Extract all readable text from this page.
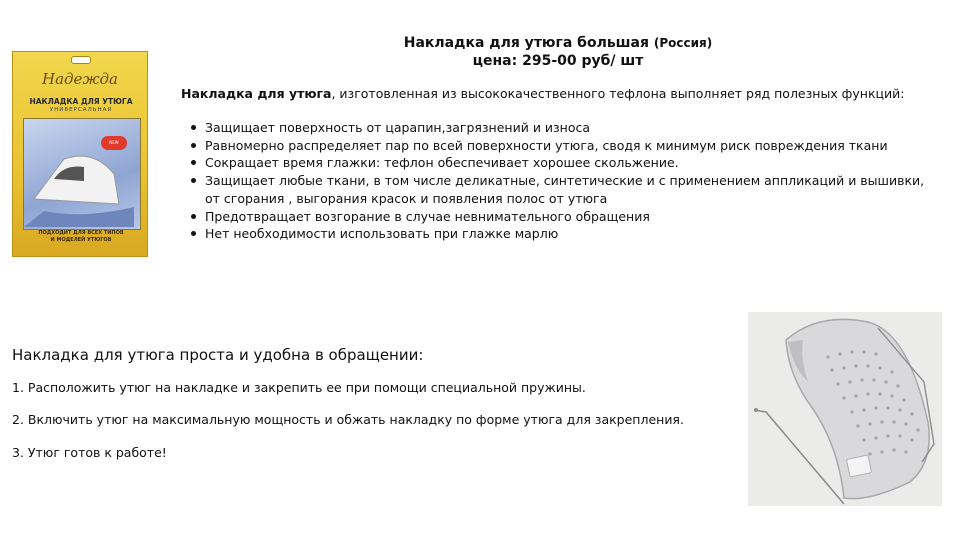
Надежда
НАКЛАДКА ДЛЯ УТЮГА
УНИВЕРСАЛЬНАЯ
NEW
ПОДХОДИТ ДЛЯ ВСЕХ ТИПОВ
И МОДЕЛЕЙ УТЮГОВ
Накладка для утюга большая (Россия)
цена: 295-00 руб/ шт
Накладка для утюга, изготовленная из высококачественного тефлона выполняет ряд полезных функций:
Защищает поверхность от царапин,загрязнений и износа
Равномерно распределяет пар по всей поверхности утюга, сводя к минимум риск повреждения ткани
Сокращает время глажки: тефлон обеспечивает хорошее скольжение.
Защищает любые ткани, в том числе деликатные, синтетические и с применением аппликаций и вышивки, от сгорания , выгорания красок и появления полос от утюга
Предотвращает возгорание в случае невнимательного обращения
Нет необходимости использовать при глажке марлю
Накладка для утюга проста и удобна в обращении:
1. Расположить утюг на накладке и закрепить ее при помощи специальной пружины.
2. Включить утюг на максимальную мощность и обжать накладку по форме утюга для закрепления.
3. Утюг готов к работе!
